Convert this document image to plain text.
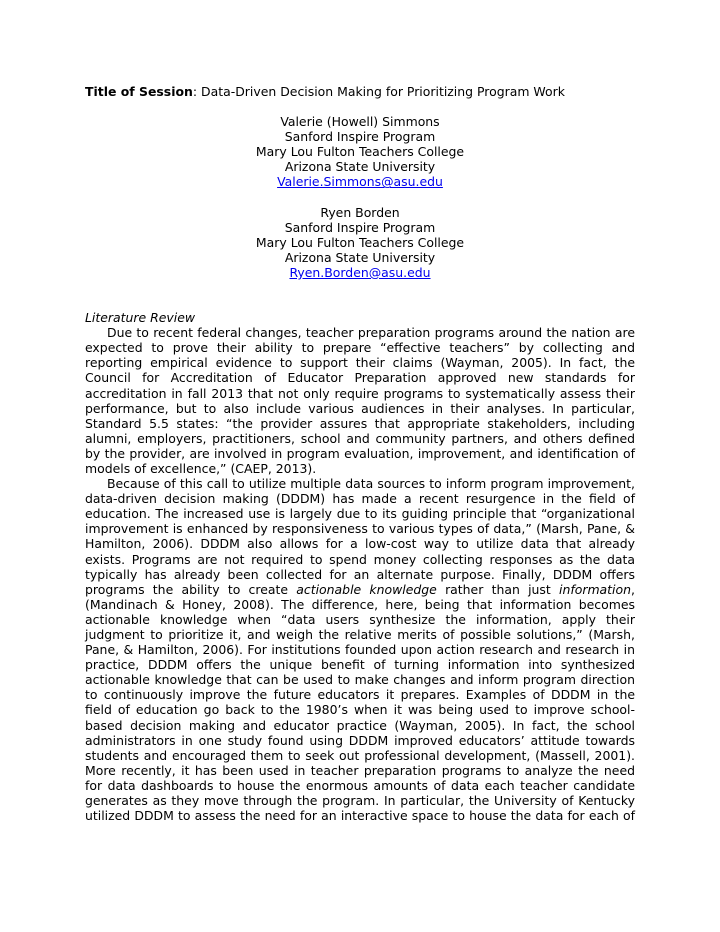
Title of Session: Data-Driven Decision Making for Prioritizing Program Work

Valerie (Howell) Simmons
Sanford Inspire Program
Mary Lou Fulton Teachers College
Arizona State University
Valerie.Simmons@asu.edu
Ryen Borden
Sanford Inspire Program
Mary Lou Fulton Teachers College
Arizona State University
Ryen.Borden@asu.edu
Literature Review
Due to recent federal changes, teacher preparation programs around the nation are
expected to prove their ability to prepare “effective teachers” by collecting and
reporting empirical evidence to support their claims (Wayman, 2005). In fact, the
Council for Accreditation of Educator Preparation approved new standards for
accreditation in fall 2013 that not only require programs to systematically assess their
performance, but to also include various audiences in their analyses. In particular,
Standard 5.5 states: “the provider assures that appropriate stakeholders, including
alumni, employers, practitioners, school and community partners, and others defined
by the provider, are involved in program evaluation, improvement, and identification of
models of excellence,” (CAEP, 2013).
Because of this call to utilize multiple data sources to inform program improvement,
data-driven decision making (DDDM) has made a recent resurgence in the field of
education. The increased use is largely due to its guiding principle that “organizational
improvement is enhanced by responsiveness to various types of data,” (Marsh, Pane, &
Hamilton, 2006). DDDM also allows for a low-cost way to utilize data that already
exists. Programs are not required to spend money collecting responses as the data
typically has already been collected for an alternate purpose. Finally, DDDM offers
programs the ability to create actionable knowledge rather than just information,
(Mandinach & Honey, 2008). The difference, here, being that information becomes
actionable knowledge when “data users synthesize the information, apply their
judgment to prioritize it, and weigh the relative merits of possible solutions,” (Marsh,
Pane, & Hamilton, 2006). For institutions founded upon action research and research in
practice, DDDM offers the unique benefit of turning information into synthesized
actionable knowledge that can be used to make changes and inform program direction
to continuously improve the future educators it prepares. Examples of DDDM in the
field of education go back to the 1980’s when it was being used to improve school-
based decision making and educator practice (Wayman, 2005). In fact, the school
administrators in one study found using DDDM improved educators’ attitude towards
students and encouraged them to seek out professional development, (Massell, 2001).
More recently, it has been used in teacher preparation programs to analyze the need
for data dashboards to house the enormous amounts of data each teacher candidate
generates as they move through the program. In particular, the University of Kentucky
utilized DDDM to assess the need for an interactive space to house the data for each of
